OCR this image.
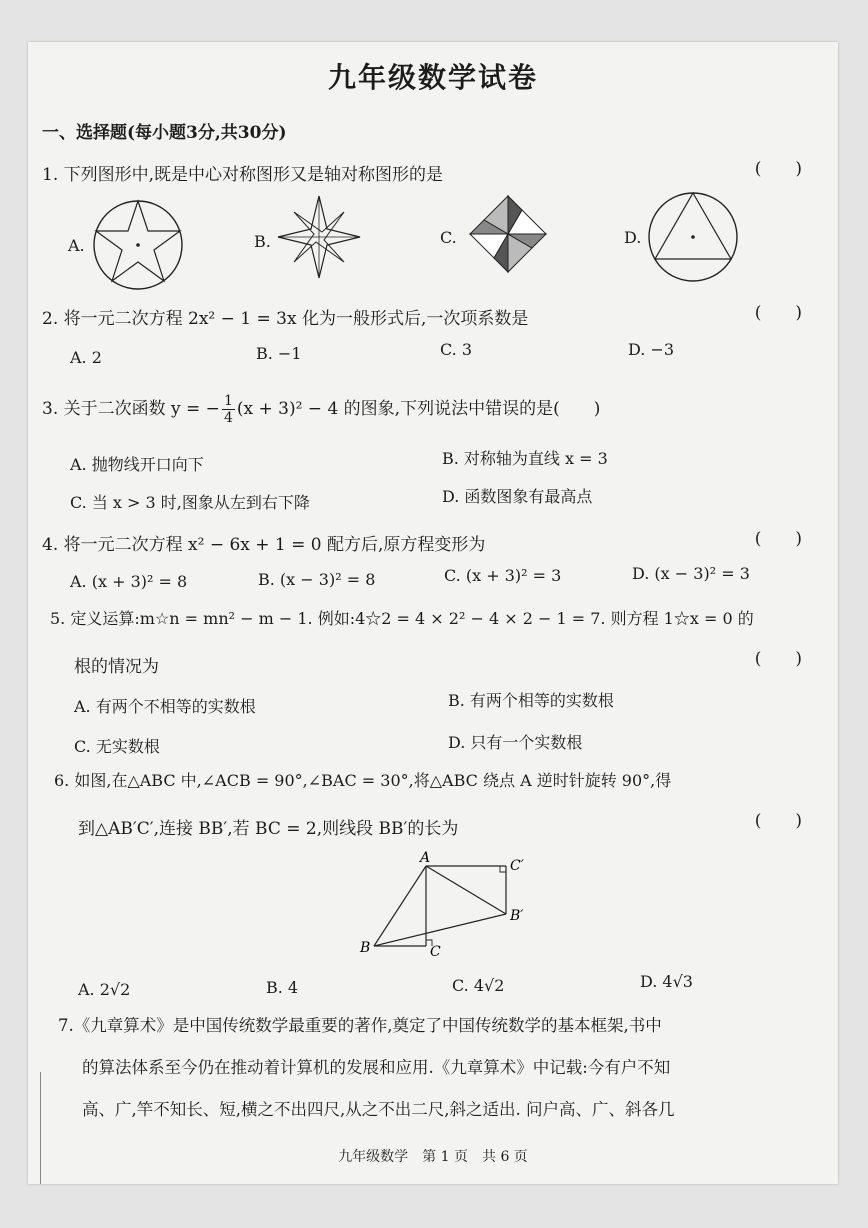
九年级数学试卷
一、选择题(每小题3分,共30分)
1. 下列图形中,既是中心对称图形又是轴对称图形的是	(　　)
A.	B.	C.	D.
2. 将一元二次方程 2x² − 1 = 3x 化为一般形式后,一次项系数是	(　　)
A. 2	B. −1	C. 3	D. −3
3. 关于二次函数 y = − $\frac{1}{4} (x + 3)^2 - 4$ 的图象,下列说法中错误的是(　　)
A. 抛物线开口向下	B. 对称轴为直线 x = 3
C. 当 x > 3 时,图象从左到右下降	D. 函数图象有最高点
4. 将一元二次方程 x² − 6x + 1 = 0 配方后,原方程变形为	(　　)
A. (x + 3)² = 8	B. (x − 3)² = 8	C. (x + 3)² = 3	D. (x − 3)² = 3
5. 定义运算:m☆n = mn² − m − 1. 例如:4☆2 = 4 × 2² − 4 × 2 − 1 = 7. 则方程 1☆x = 0 的
根的情况为	(　　)
A. 有两个不相等的实数根	B. 有两个相等的实数根
C. 无实数根	D. 只有一个实数根
6. 如图,在△ABC 中,∠ACB = 90°,∠BAC = 30°,将△ABC 绕点 A 逆时针旋转 90°,得
到△AB′C′,连接 BB′,若 BC = 2,则线段 BB′的长为	(　　)
A
B	C
B′
C′
A. 2√2	B. 4	C. 4√2	D. 4√3
7.《九章算术》是中国传统数学最重要的著作,奠定了中国传统数学的基本框架,书中
的算法体系至今仍在推动着计算机的发展和应用.《九章算术》中记载:今有户不知
高、广,竿不知长、短,横之不出四尺,从之不出二尺,斜之适出. 问户高、广、斜各几
九年级数学　第 1 页　共 6 页
